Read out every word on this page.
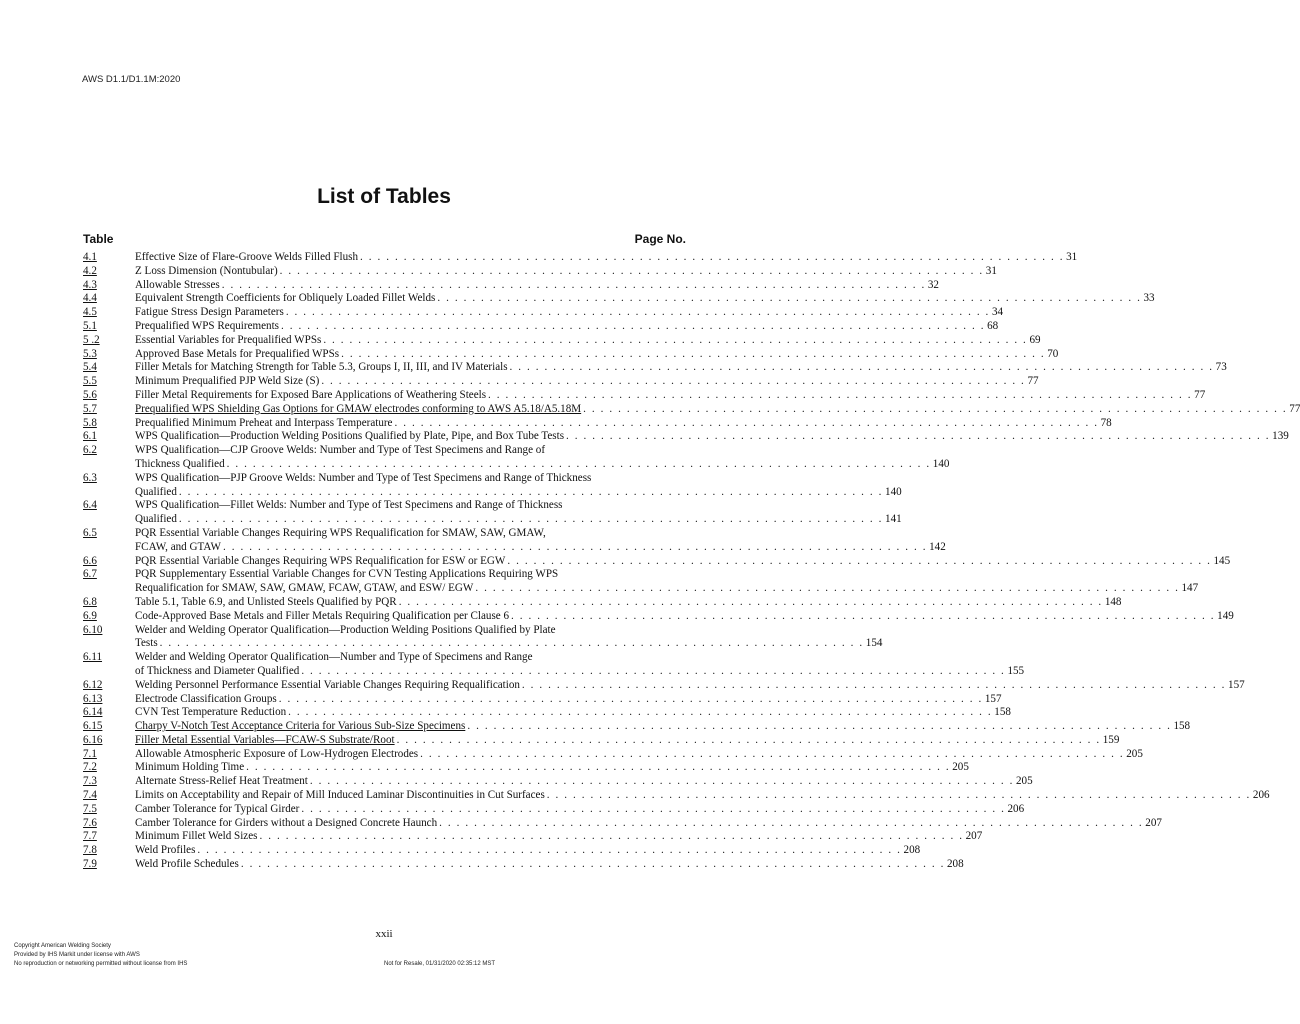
AWS D1.1/D1.1M:2020
List of Tables
Table	Page No.
4.1	Effective Size of Flare-Groove Welds Filled Flush . . . . . . . . . . . . . . . . . . . . . . . . . . . . . . . . . . . . . . . . . . . . . . . . . . . . . . . . . . . . . . . . . . . . . . . . . . . . . . . . . 31
4.2	Z Loss Dimension (Nontubular) . . . . . . . . . . . . . . . . . . . . . . . . . . . . . . . . . . . . . . . . . . . . . . . . . . . . . . . . . . . . . . . . . . . . . . . . . . . . . . . . . 31
4.3	Allowable Stresses . . . . . . . . . . . . . . . . . . . . . . . . . . . . . . . . . . . . . . . . . . . . . . . . . . . . . . . . . . . . . . . . . . . . . . . . . . . . . . . . . 32
4.4	Equivalent Strength Coefficients for Obliquely Loaded Fillet Welds . . . . . . . . . . . . . . . . . . . . . . . . . . . . . . . . . . . . . . . . . . . . . . . . . . . . . . . . . . . . . . . . . . . . . . . . . . . . . . . . . 33
4.5	Fatigue Stress Design Parameters . . . . . . . . . . . . . . . . . . . . . . . . . . . . . . . . . . . . . . . . . . . . . . . . . . . . . . . . . . . . . . . . . . . . . . . . . . . . . . . . . 34
5.1	Prequalified WPS Requirements . . . . . . . . . . . . . . . . . . . . . . . . . . . . . . . . . . . . . . . . . . . . . . . . . . . . . . . . . . . . . . . . . . . . . . . . . . . . . . . . . 68
5 .2	Essential Variables for Prequalified WPSs . . . . . . . . . . . . . . . . . . . . . . . . . . . . . . . . . . . . . . . . . . . . . . . . . . . . . . . . . . . . . . . . . . . . . . . . . . . . . . . . . 69
5.3	Approved Base Metals for Prequalified WPSs . . . . . . . . . . . . . . . . . . . . . . . . . . . . . . . . . . . . . . . . . . . . . . . . . . . . . . . . . . . . . . . . . . . . . . . . . . . . . . . . . 70
5.4	Filler Metals for Matching Strength for Table 5.3, Groups I, II, III, and IV Materials . . . . . . . . . . . . . . . . . . . . . . . . . . . . . . . . . . . . . . . . . . . . . . . . . . . . . . . . . . . . . . . . . . . . . . . . . . . . . . . . . 73
5.5	Minimum Prequalified PJP Weld Size (S) . . . . . . . . . . . . . . . . . . . . . . . . . . . . . . . . . . . . . . . . . . . . . . . . . . . . . . . . . . . . . . . . . . . . . . . . . . . . . . . . . 77
5.6	Filler Metal Requirements for Exposed Bare Applications of Weathering Steels . . . . . . . . . . . . . . . . . . . . . . . . . . . . . . . . . . . . . . . . . . . . . . . . . . . . . . . . . . . . . . . . . . . . . . . . . . . . . . . . . 77
5.7	Prequalified WPS Shielding Gas Options for GMAW electrodes conforming to AWS A5.18/A5.18M . . . . . . . . . . . . . . . . . . . . . . . . . . . . . . . . . . . . . . . . . . . . . . . . . . . . . . . . . . . . . . . . . . . . . . . . . . . . . . . . . 77
5.8	Prequalified Minimum Preheat and Interpass Temperature . . . . . . . . . . . . . . . . . . . . . . . . . . . . . . . . . . . . . . . . . . . . . . . . . . . . . . . . . . . . . . . . . . . . . . . . . . . . . . . . . 78
6.1	WPS Qualification—Production Welding Positions Qualified by Plate, Pipe, and Box Tube Tests . . . . . . . . . . . . . . . . . . . . . . . . . . . . . . . . . . . . . . . . . . . . . . . . . . . . . . . . . . . . . . . . . . . . . . . . . . . . . . . . . 139
6.2	WPS Qualification—CJP Groove Welds: Number and Type of Test Specimens and Range of
Thickness Qualified . . . . . . . . . . . . . . . . . . . . . . . . . . . . . . . . . . . . . . . . . . . . . . . . . . . . . . . . . . . . . . . . . . . . . . . . . . . . . . . . . 140
6.3	WPS Qualification—PJP Groove Welds: Number and Type of Test Specimens and Range of Thickness
Qualified . . . . . . . . . . . . . . . . . . . . . . . . . . . . . . . . . . . . . . . . . . . . . . . . . . . . . . . . . . . . . . . . . . . . . . . . . . . . . . . . . 140
6.4	WPS Qualification—Fillet Welds: Number and Type of Test Specimens and Range of Thickness
Qualified . . . . . . . . . . . . . . . . . . . . . . . . . . . . . . . . . . . . . . . . . . . . . . . . . . . . . . . . . . . . . . . . . . . . . . . . . . . . . . . . . 141
6.5	PQR Essential Variable Changes Requiring WPS Requalification for SMAW, SAW, GMAW,
FCAW, and GTAW . . . . . . . . . . . . . . . . . . . . . . . . . . . . . . . . . . . . . . . . . . . . . . . . . . . . . . . . . . . . . . . . . . . . . . . . . . . . . . . . . 142
6.6	PQR Essential Variable Changes Requiring WPS Requalification for ESW or EGW . . . . . . . . . . . . . . . . . . . . . . . . . . . . . . . . . . . . . . . . . . . . . . . . . . . . . . . . . . . . . . . . . . . . . . . . . . . . . . . . . 145
6.7	PQR Supplementary Essential Variable Changes for CVN Testing Applications Requiring WPS
Requalification for SMAW, SAW, GMAW, FCAW, GTAW, and ESW/ EGW . . . . . . . . . . . . . . . . . . . . . . . . . . . . . . . . . . . . . . . . . . . . . . . . . . . . . . . . . . . . . . . . . . . . . . . . . . . . . . . . . 147
6.8	Table 5.1, Table 6.9, and Unlisted Steels Qualified by PQR . . . . . . . . . . . . . . . . . . . . . . . . . . . . . . . . . . . . . . . . . . . . . . . . . . . . . . . . . . . . . . . . . . . . . . . . . . . . . . . . . 148
6.9	Code-Approved Base Metals and Filler Metals Requiring Qualification per Clause 6 . . . . . . . . . . . . . . . . . . . . . . . . . . . . . . . . . . . . . . . . . . . . . . . . . . . . . . . . . . . . . . . . . . . . . . . . . . . . . . . . . 149
6.10	Welder and Welding Operator Qualification—Production Welding Positions Qualified by Plate
Tests . . . . . . . . . . . . . . . . . . . . . . . . . . . . . . . . . . . . . . . . . . . . . . . . . . . . . . . . . . . . . . . . . . . . . . . . . . . . . . . . . 154
6.11	Welder and Welding Operator Qualification—Number and Type of Specimens and Range
of Thickness and Diameter Qualified . . . . . . . . . . . . . . . . . . . . . . . . . . . . . . . . . . . . . . . . . . . . . . . . . . . . . . . . . . . . . . . . . . . . . . . . . . . . . . . . . 155
6.12	Welding Personnel Performance Essential Variable Changes Requiring Requalification . . . . . . . . . . . . . . . . . . . . . . . . . . . . . . . . . . . . . . . . . . . . . . . . . . . . . . . . . . . . . . . . . . . . . . . . . . . . . . . . . 157
6.13	Electrode Classification Groups . . . . . . . . . . . . . . . . . . . . . . . . . . . . . . . . . . . . . . . . . . . . . . . . . . . . . . . . . . . . . . . . . . . . . . . . . . . . . . . . . 157
6.14	CVN Test Temperature Reduction . . . . . . . . . . . . . . . . . . . . . . . . . . . . . . . . . . . . . . . . . . . . . . . . . . . . . . . . . . . . . . . . . . . . . . . . . . . . . . . . . 158
6.15	Charpy V-Notch Test Acceptance Criteria for Various Sub-Size Specimens . . . . . . . . . . . . . . . . . . . . . . . . . . . . . . . . . . . . . . . . . . . . . . . . . . . . . . . . . . . . . . . . . . . . . . . . . . . . . . . . . 158
6.16	Filler Metal Essential Variables—FCAW-S Substrate/Root . . . . . . . . . . . . . . . . . . . . . . . . . . . . . . . . . . . . . . . . . . . . . . . . . . . . . . . . . . . . . . . . . . . . . . . . . . . . . . . . . 159
7.1	Allowable Atmospheric Exposure of Low-Hydrogen Electrodes . . . . . . . . . . . . . . . . . . . . . . . . . . . . . . . . . . . . . . . . . . . . . . . . . . . . . . . . . . . . . . . . . . . . . . . . . . . . . . . . . 205
7.2	Minimum Holding Time . . . . . . . . . . . . . . . . . . . . . . . . . . . . . . . . . . . . . . . . . . . . . . . . . . . . . . . . . . . . . . . . . . . . . . . . . . . . . . . . . 205
7.3	Alternate Stress-Relief Heat Treatment . . . . . . . . . . . . . . . . . . . . . . . . . . . . . . . . . . . . . . . . . . . . . . . . . . . . . . . . . . . . . . . . . . . . . . . . . . . . . . . . . 205
7.4	Limits on Acceptability and Repair of Mill Induced Laminar Discontinuities in Cut Surfaces . . . . . . . . . . . . . . . . . . . . . . . . . . . . . . . . . . . . . . . . . . . . . . . . . . . . . . . . . . . . . . . . . . . . . . . . . . . . . . . . . 206
7.5	Camber Tolerance for Typical Girder . . . . . . . . . . . . . . . . . . . . . . . . . . . . . . . . . . . . . . . . . . . . . . . . . . . . . . . . . . . . . . . . . . . . . . . . . . . . . . . . . 206
7.6	Camber Tolerance for Girders without a Designed Concrete Haunch . . . . . . . . . . . . . . . . . . . . . . . . . . . . . . . . . . . . . . . . . . . . . . . . . . . . . . . . . . . . . . . . . . . . . . . . . . . . . . . . . 207
7.7	Minimum Fillet Weld Sizes . . . . . . . . . . . . . . . . . . . . . . . . . . . . . . . . . . . . . . . . . . . . . . . . . . . . . . . . . . . . . . . . . . . . . . . . . . . . . . . . . 207
7.8	Weld Profiles . . . . . . . . . . . . . . . . . . . . . . . . . . . . . . . . . . . . . . . . . . . . . . . . . . . . . . . . . . . . . . . . . . . . . . . . . . . . . . . . . 208
7.9	Weld Profile Schedules . . . . . . . . . . . . . . . . . . . . . . . . . . . . . . . . . . . . . . . . . . . . . . . . . . . . . . . . . . . . . . . . . . . . . . . . . . . . . . . . . 208
xxii
Copyright American Welding Society
Provided by IHS Markit under license with AWS
No reproduction or networking permitted without license from IHS	Not for Resale, 01/31/2020 02:35:12 MST
